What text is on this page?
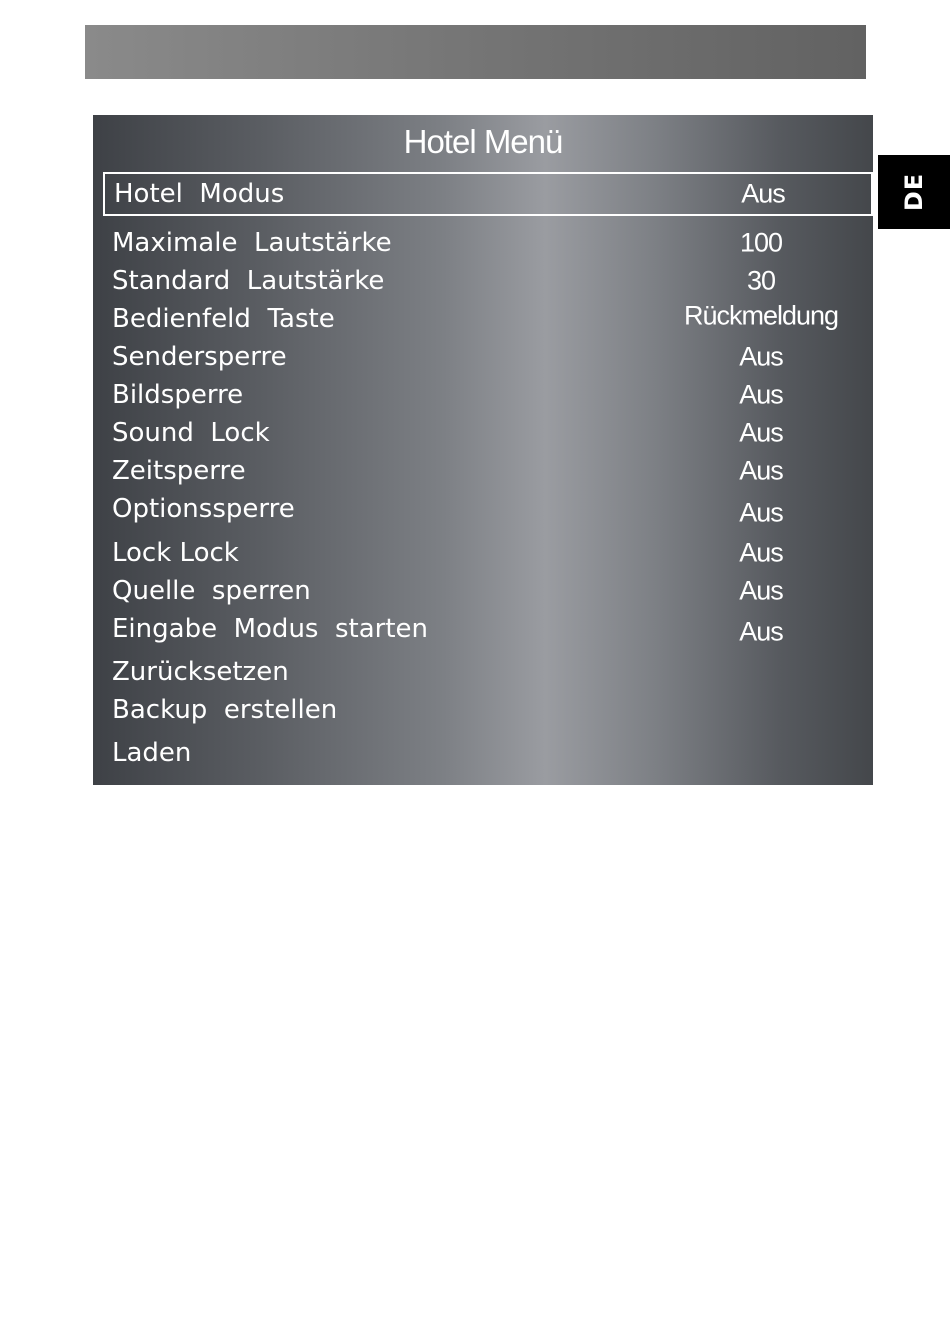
DE
Hotel Menü
Hotel  Modus	Aus
Maximale  Lautstärke	100
Standard  Lautstärke	30
Bedienfeld  Taste	Rückmeldung
Sendersperre	Aus
Bildsperre	Aus
Sound  Lock	Aus
Zeitsperre	Aus
Optionssperre	Aus
Lock Lock	Aus
Quelle  sperren	Aus
Eingabe  Modus  starten	Aus
Zurücksetzen
Backup  erstellen
Laden
